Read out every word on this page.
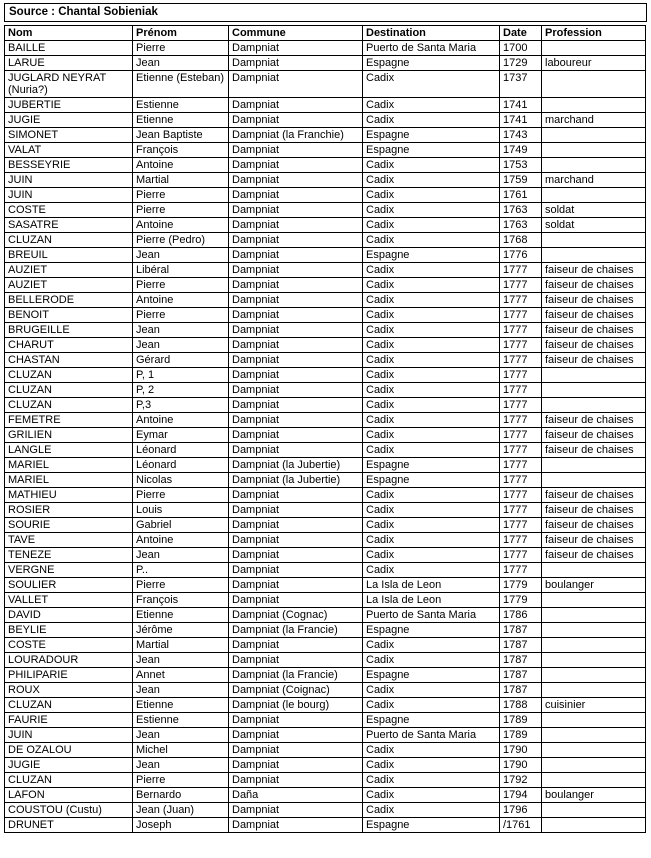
Source : Chantal Sobieniak
Nom	Prénom	Commune	Destination	Date	Profession
BAILLE	Pierre	Dampniat	Puerto de Santa Maria	1700	
LARUE	Jean	Dampniat	Espagne	1729	laboureur
JUGLARD NEYRAT (Nuria?)	Etienne (Esteban)	Dampniat	Cadix	1737	
JUBERTIE	Estienne	Dampniat	Cadix	1741	
JUGIE	Etienne	Dampniat	Cadix	1741	marchand
SIMONET	Jean Baptiste	Dampniat (la Franchie)	Espagne	1743	
VALAT	François	Dampniat	Espagne	1749	
BESSEYRIE	Antoine	Dampniat	Cadix	1753	
JUIN	Martial	Dampniat	Cadix	1759	marchand
JUIN	Pierre	Dampniat	Cadix	1761	
COSTE	Pierre	Dampniat	Cadix	1763	soldat
SASATRE	Antoine	Dampniat	Cadix	1763	soldat
CLUZAN	Pierre (Pedro)	Dampniat	Cadix	1768	
BREUIL	Jean	Dampniat	Espagne	1776	
AUZIET	Libéral	Dampniat	Cadix	1777	faiseur de chaises
AUZIET	Pierre	Dampniat	Cadix	1777	faiseur de chaises
BELLERODE	Antoine	Dampniat	Cadix	1777	faiseur de chaises
BENOIT	Pierre	Dampniat	Cadix	1777	faiseur de chaises
BRUGEILLE	Jean	Dampniat	Cadix	1777	faiseur de chaises
CHARUT	Jean	Dampniat	Cadix	1777	faiseur de chaises
CHASTAN	Gérard	Dampniat	Cadix	1777	faiseur de chaises
CLUZAN	P, 1	Dampniat	Cadix	1777	
CLUZAN	P, 2	Dampniat	Cadix	1777	
CLUZAN	P,3	Dampniat	Cadix	1777	
FEMETRE	Antoine	Dampniat	Cadix	1777	faiseur de chaises
GRILIEN	Eymar	Dampniat	Cadix	1777	faiseur de chaises
LANGLE	Léonard	Dampniat	Cadix	1777	faiseur de chaises
MARIEL	Léonard	Dampniat (la Jubertie)	Espagne	1777	
MARIEL	Nicolas	Dampniat (la Jubertie)	Espagne	1777	
MATHIEU	Pierre	Dampniat	Cadix	1777	faiseur de chaises
ROSIER	Louis	Dampniat	Cadix	1777	faiseur de chaises
SOURIE	Gabriel	Dampniat	Cadix	1777	faiseur de chaises
TAVE	Antoine	Dampniat	Cadix	1777	faiseur de chaises
TENEZE	Jean	Dampniat	Cadix	1777	faiseur de chaises
VERGNE	P..	Dampniat	Cadix	1777	
SOULIER	Pierre	Dampniat	La Isla de Leon	1779	boulanger
VALLET	François	Dampniat	La Isla de Leon	1779	
DAVID	Etienne	Dampniat (Cognac)	Puerto de Santa Maria	1786	
BEYLIE	Jérôme	Dampniat (la Francie)	Espagne	1787	
COSTE	Martial	Dampniat	Cadix	1787	
LOURADOUR	Jean	Dampniat	Cadix	1787	
PHILIPARIE	Annet	Dampniat (la Francie)	Espagne	1787	
ROUX	Jean	Dampniat (Coignac)	Cadix	1787	
CLUZAN	Etienne	Dampniat (le bourg)	Cadix	1788	cuisinier
FAURIE	Estienne	Dampniat	Espagne	1789	
JUIN	Jean	Dampniat	Puerto de Santa Maria	1789	
DE OZALOU	Michel	Dampniat	Cadix	1790	
JUGIE	Jean	Dampniat	Cadix	1790	
CLUZAN	Pierre	Dampniat	Cadix	1792	
LAFON	Bernardo	Daña	Cadix	1794	boulanger
COUSTOU (Custu)	Jean (Juan)	Dampniat	Cadix	1796	
DRUNET	Joseph	Dampniat	Espagne	/1761	
